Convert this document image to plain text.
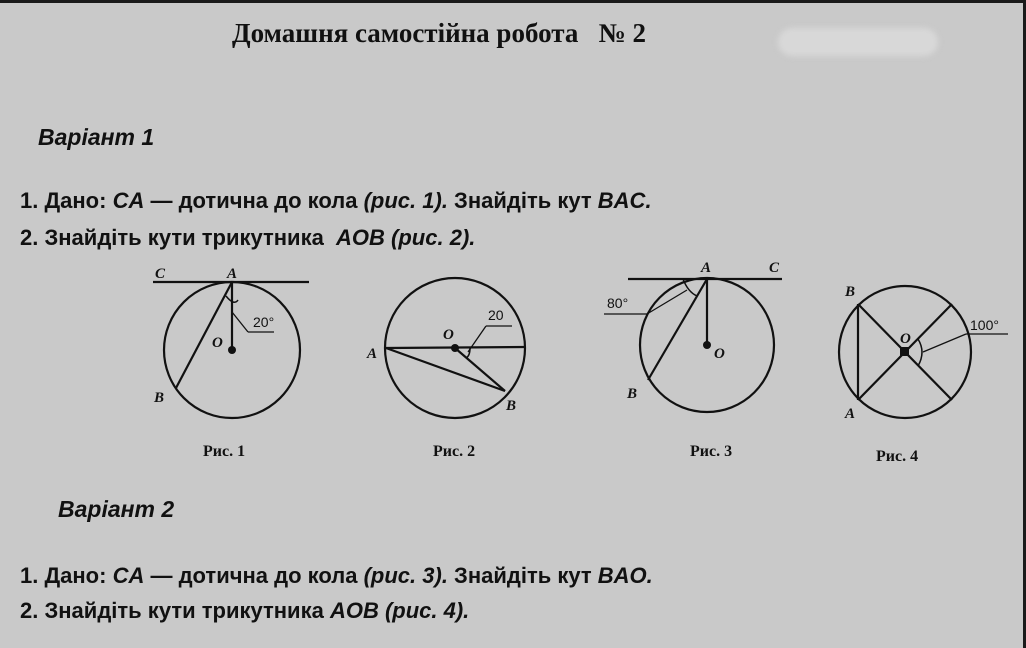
Домашня самостійна робота   № 2
Варіант 1
1. Дано: CA — дотична до кола (рис. 1). Знайдіть кут BAC.
2. Знайдіть кути трикутника  AOB (рис. 2).
C	A
O
B
20°
Рис. 1
A
O
B
20
Рис. 2
A	C
O
B
80°
Рис. 3
B
O
A
100°
Рис. 4
Варіант 2
1. Дано: CA — дотична до кола (рис. 3). Знайдіть кут BAO.
2. Знайдіть кути трикутника AOB (рис. 4).
